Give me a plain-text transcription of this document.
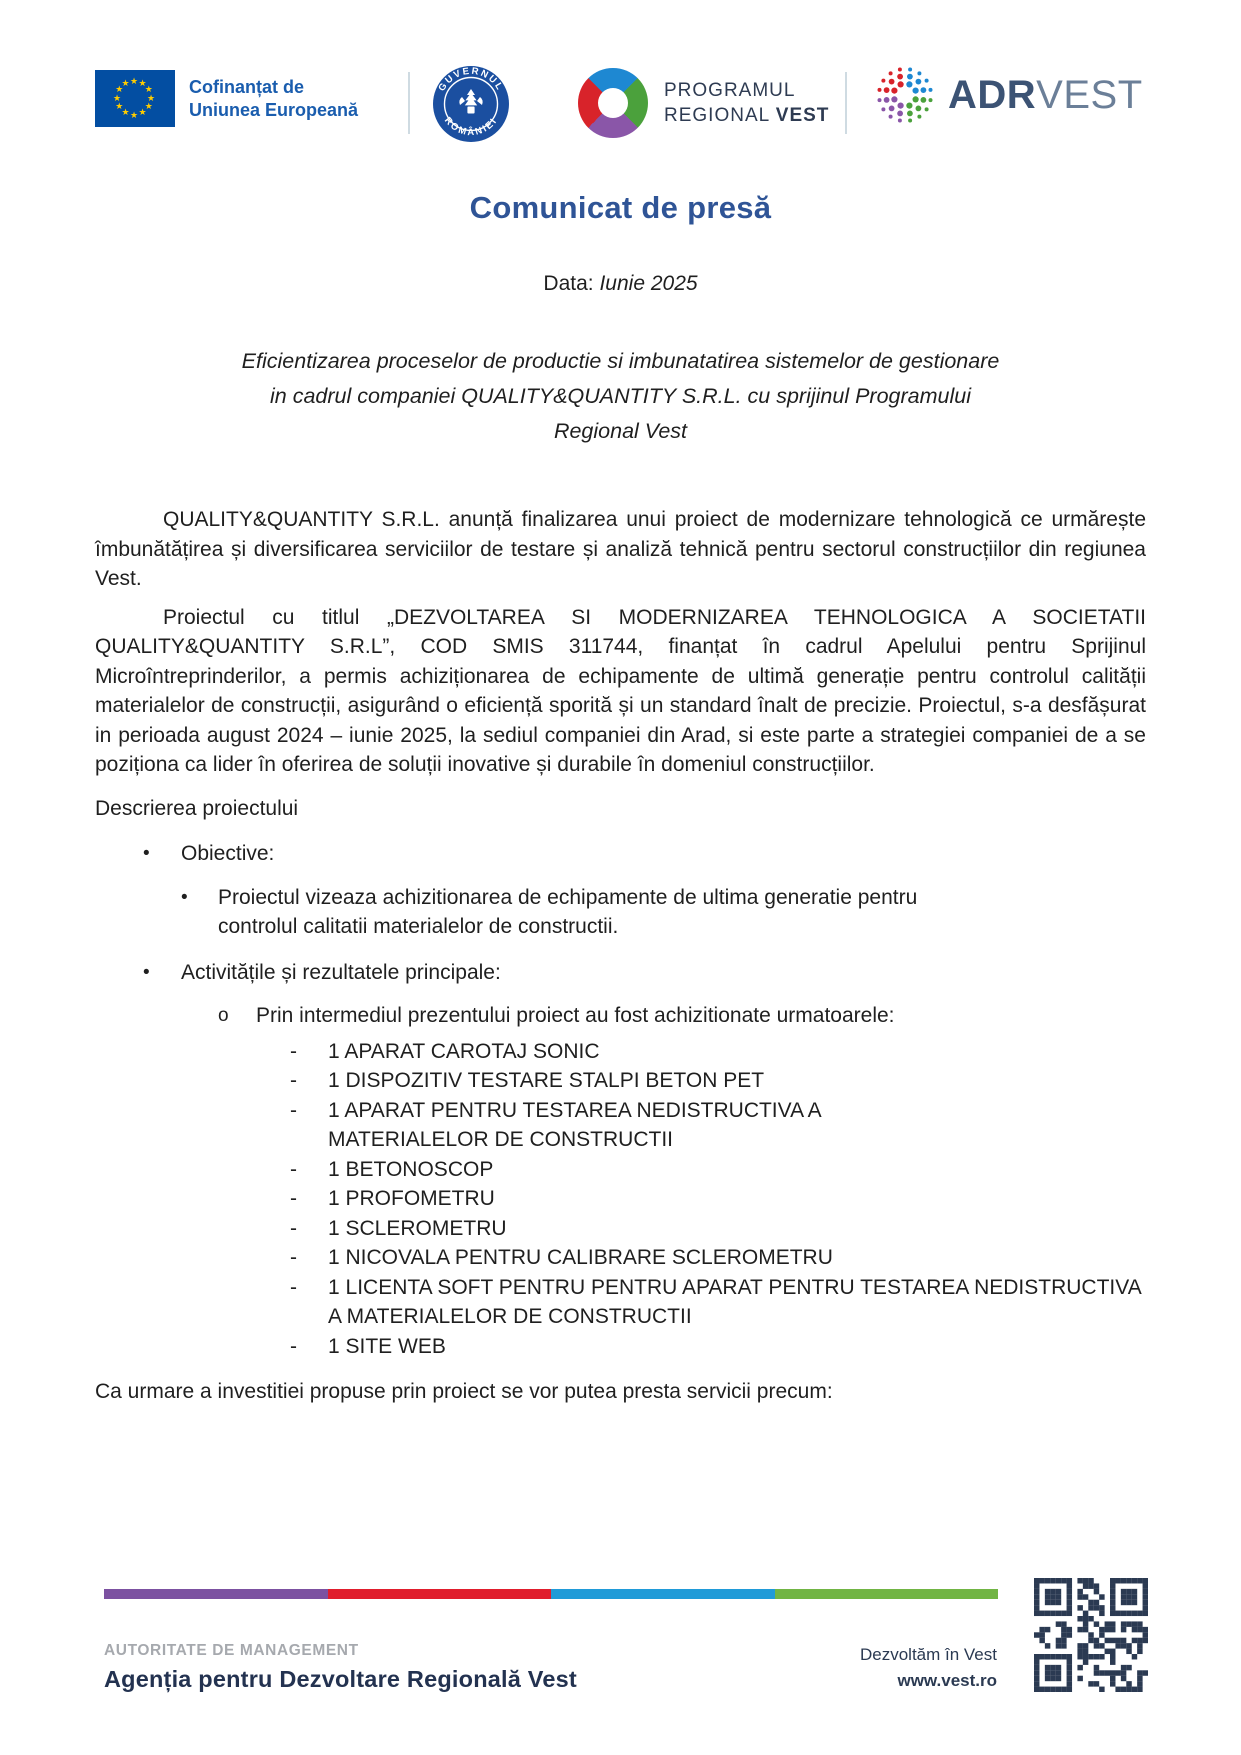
★ ★
★
★
★
★
★
★
★
★
★
★	Cofinanțat de
Uniunea Europeană
GUVERNUL
ROMÂNIEI
PROGRAMUL
REGIONAL VEST	ADRVEST
Comunicat de presă

Data: Iunie 2025

Eficientizarea proceselor de productie si imbunatatirea sistemelor de gestionare
in cadrul companiei QUALITY&QUANTITY S.R.L. cu sprijinul Programului
Regional Vest

QUALITY&QUANTITY S.R.L. anunță finalizarea unui proiect de modernizare tehnologică ce urmărește îmbunătățirea și diversificarea serviciilor de testare și analiză tehnică pentru sectorul construcțiilor din regiunea Vest.

Proiectul cu titlul „DEZVOLTAREA SI MODERNIZAREA TEHNOLOGICA A SOCIETATII QUALITY&QUANTITY S.R.L”, COD SMIS 311744, finanțat în cadrul Apelului pentru Sprijinul Microîntreprinderilor, a permis achiziționarea de echipamente de ultimă generație pentru controlul calității materialelor de construcții, asigurând o eficiență sporită și un standard înalt de precizie. Proiectul, s-a desfășurat in perioada august 2024 – iunie 2025, la sediul companiei din Arad, si este parte a strategiei companiei de a se poziționa ca lider în oferirea de soluții inovative și durabile în domeniul construcțiilor.

Descrierea proiectului

•	Obiective:
•	Proiectul vizeaza achizitionarea de echipamente de ultima generatie pentru controlul calitatii materialelor de constructii.
•	Activitățile și rezultatele principale:
o	Prin intermediul prezentului proiect au fost achizitionate urmatoarele:
-	1 APARAT CAROTAJ SONIC
-	1 DISPOZITIV TESTARE STALPI BETON PET
-	1 APARAT PENTRU TESTAREA NEDISTRUCTIVA A MATERIALELOR DE CONSTRUCTII
-	1 BETONOSCOP
-	1 PROFOMETRU
-	1 SCLEROMETRU
-	1 NICOVALA PENTRU CALIBRARE SCLEROMETRU
-	1 LICENTA SOFT PENTRU PENTRU APARAT PENTRU TESTAREA NEDISTRUCTIVA A MATERIALELOR DE CONSTRUCTII
-	1 SITE WEB

Ca urmare a investitiei propuse prin proiect se vor putea presta servicii precum:

AUTORITATE DE MANAGEMENT
Agenția pentru Dezvoltare Regională Vest
Dezvoltăm în Vest
www.vest.ro
